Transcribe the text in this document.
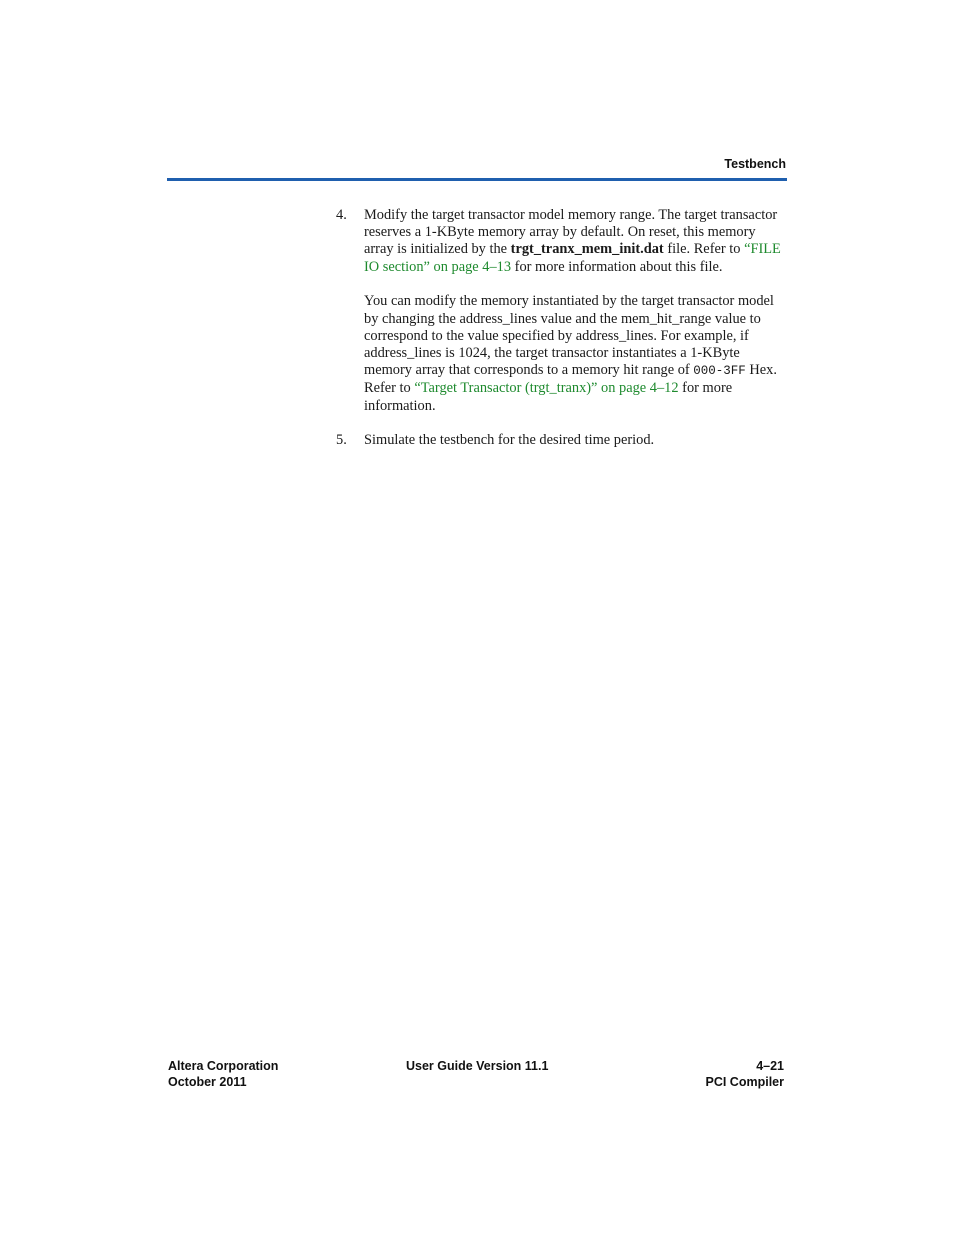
Testbench
4.	Modify the target transactor model memory range. The target transactor reserves a 1-KByte memory array by default. On reset, this memory array is initialized by the trgt_tranx_mem_init.dat file. Refer to “FILE IO section” on page 4–13 for more information about this file.

You can modify the memory instantiated by the target transactor model by changing the address_lines value and the mem_hit_range value to correspond to the value specified by address_lines. For example, if address_lines is 1024, the target transactor instantiates a 1-KByte memory array that corresponds to a memory hit range of 000-3FF Hex. Refer to “Target Transactor (trgt_tranx)” on page 4–12 for more information.

5.	Simulate the testbench for the desired time period.

Altera Corporation
October 2011
User Guide Version 11.1	4–21
PCI Compiler
